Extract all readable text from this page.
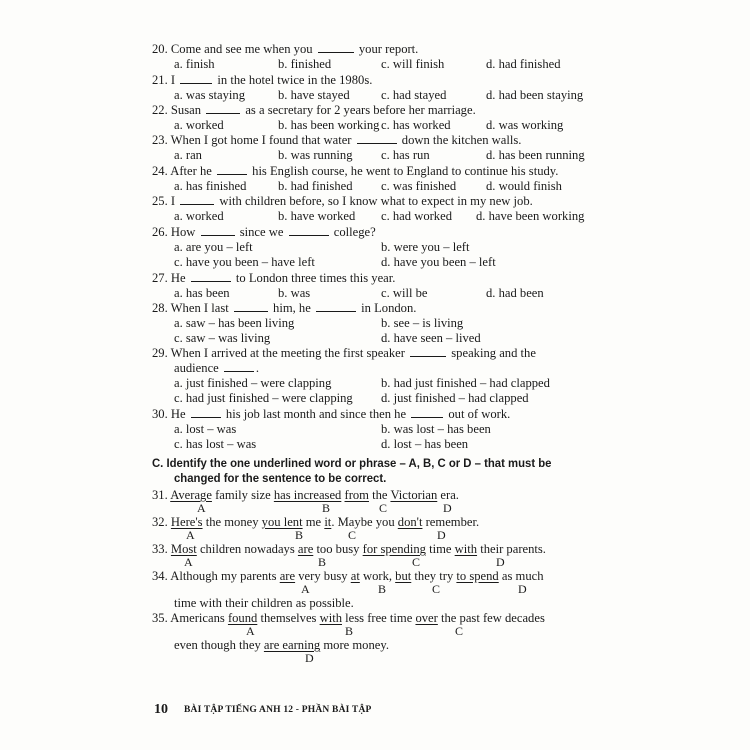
20. Come and see me when you	your report.
a. finish	b. finished	c. will finish	d. had finished
21. I	in the hotel twice in the 1980s.
a. was staying	b. have stayed c. had stayed	d. had been staying
22. Susan	as a secretary for 2 years before her marriage.
a. worked	b. has been working c. has worked	d. was working
23. When I got home I found that water	down the kitchen walls.
a. ran	b. was running c. has run	d. has been running
24. After he	his English course, he went to England to continue his study.
a. has finished	b. had finished c. was finished d. would finish
25. I	with children before, so I know what to expect in my new job.
a. worked	b. have worked c. had worked d. have been working
26. How	since we	college?
a. are you – left	b. were you – left
c. have you been – have left	d. have you been – left
27. He	to London three times this year.
a. has been	b. was	c. will be	d. had been
28. When I last	him, he	in London.
a. saw – has been living	b. see – is living
c. saw – was living	d. have seen – lived
29. When I arrived at the meeting the first speaker	speaking and the
audience	.
a. just finished – were clapping	b. had just finished – had clapped
c. had just finished – were clapping d. just finished – had clapped
30. He	his job last month and since then he	out of work.
a. lost – was	b. was lost – has been
c. has lost – was	d. lost – has been
C. Identify the one underlined word or phrase – A, B, C or D – that must be
changed for the sentence to be correct.
31. Average family size has increased from the Victorian era.
A	B	C	D
32. Here's the money you lent me it. Maybe you don't remember.
A	B	C	D
33. Most children nowadays are too busy for spending time with their parents.
A	B	C	D
34. Although my parents are very busy at work, but they try to spend as much
A	B	C	D
time with their children as possible.
35. Americans found themselves with less free time over the past few decades
A	B	C
even though they are earning more money.
D
10 BÀI TẬP TIẾNG ANH 12 - PHẦN BÀI TẬP
